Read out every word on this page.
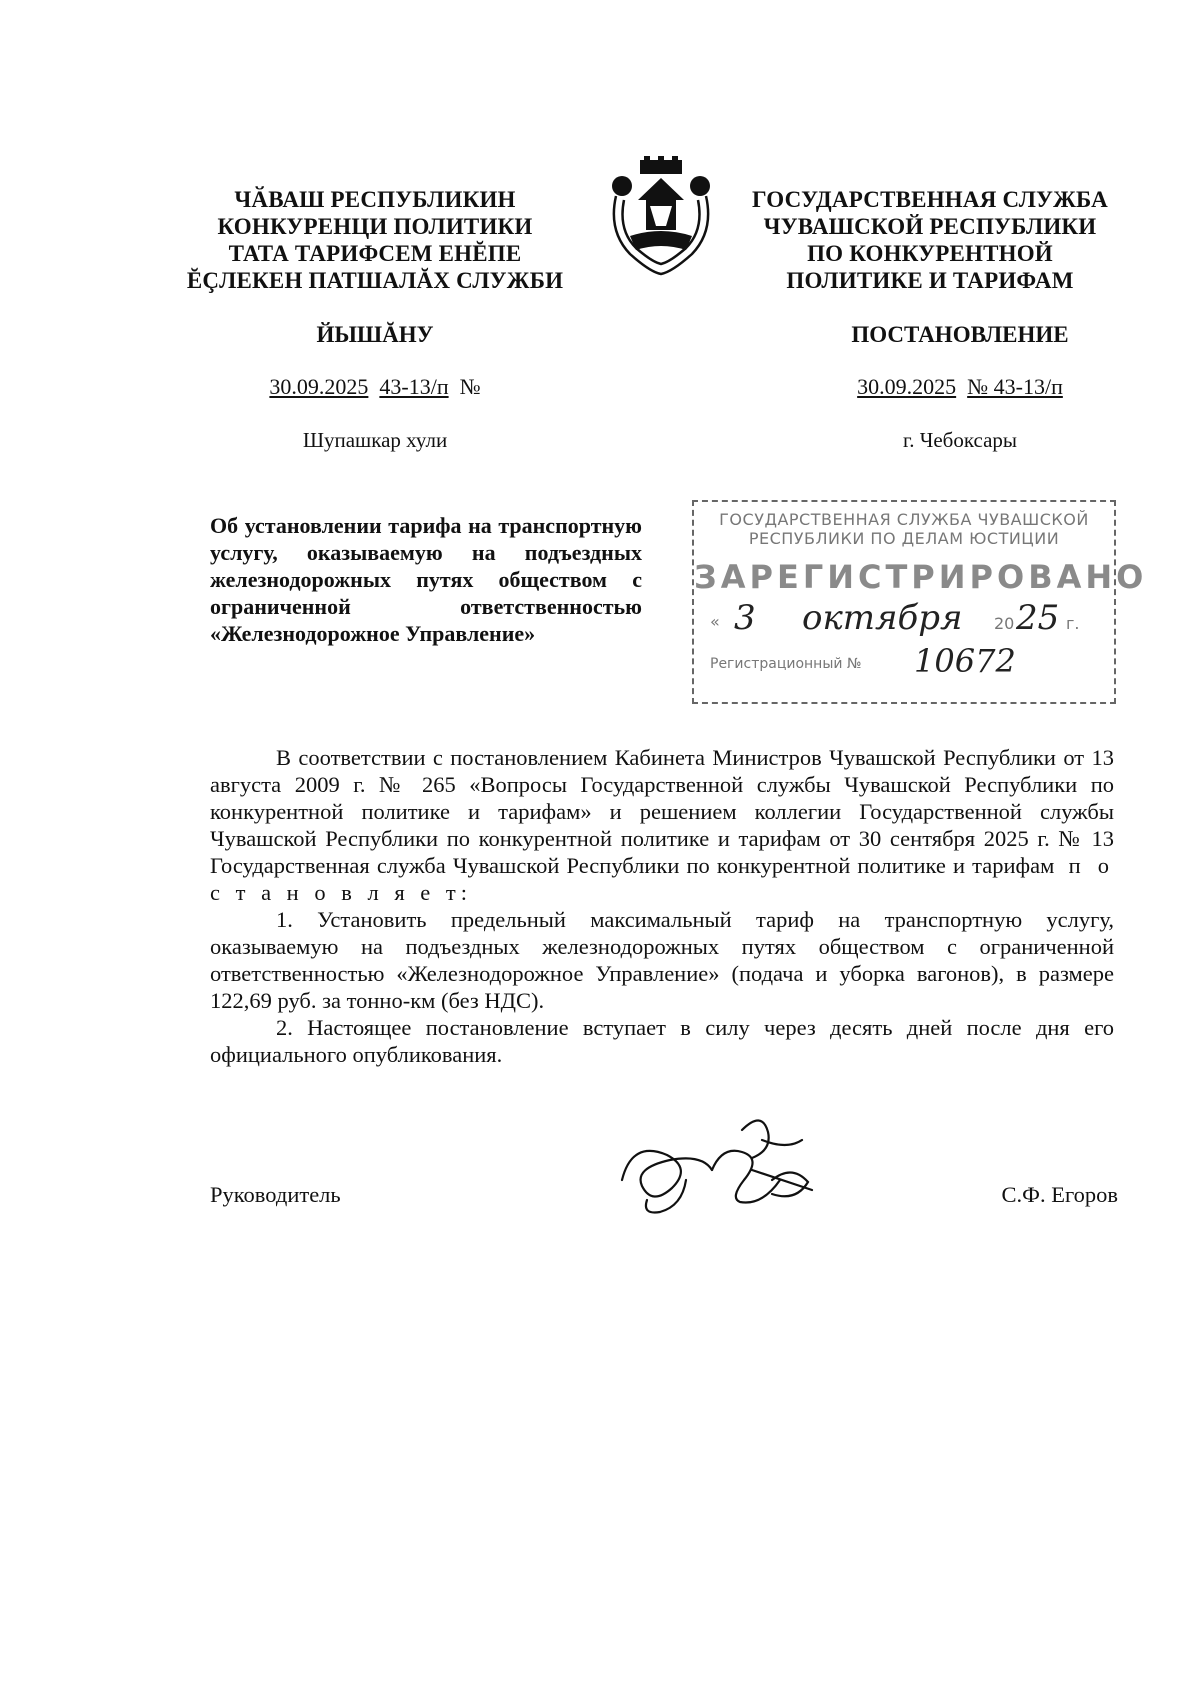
ЧӐВАШ РЕСПУБЛИКИН
КОНКУРЕНЦИ ПОЛИТИКИ
ТАТА ТАРИФСЕМ ЕНĔПЕ
ĔÇЛЕКЕН ПАТШАЛĂХ СЛУЖБИ
ЙЫШĂНУ
30.09.2025 43-13/п №
Шупашкар хули
ГОСУДАРСТВЕННАЯ СЛУЖБА
ЧУВАШСКОЙ РЕСПУБЛИКИ
ПО КОНКУРЕНТНОЙ
ПОЛИТИКЕ И ТАРИФАМ
ПОСТАНОВЛЕНИЕ
30.09.2025 № 43-13/п
г. Чебоксары
Об установлении тарифа на транспортную услугу, оказываемую на подъездных железнодорожных путях обществом с ограниченной ответственностью «Железнодорожное Управление»
ГОСУДАРСТВЕННАЯ СЛУЖБА ЧУВАШСКОЙ
РЕСПУБЛИКИ ПО ДЕЛАМ ЮСТИЦИИ
ЗАРЕГИСТРИРОВАНО
« 3 октября 20 25 г.
Регистрационный № 10672

В соответствии с постановлением Кабинета Министров Чувашской Республики от 13 августа 2009 г. № 265 «Вопросы Государственной службы Чувашской Республики по конкурентной политике и тарифам» и решением коллегии Государственной службы Чувашской Республики по конкурентной политике и тарифам от 30 сентября 2025 г. № 13 Государственная служба Чувашской Республики по конкурентной политике и тарифам п о с т а н о в л я е т:

1. Установить предельный максимальный тариф на транспортную услугу, оказываемую на подъездных железнодорожных путях обществом с ограниченной ответственностью «Железнодорожное Управление» (подача и уборка вагонов), в размере 122,69 руб. за тонно-км (без НДС).

2. Настоящее постановление вступает в силу через десять дней после дня его официального опубликования.

Руководитель	С.Ф. Егоров
